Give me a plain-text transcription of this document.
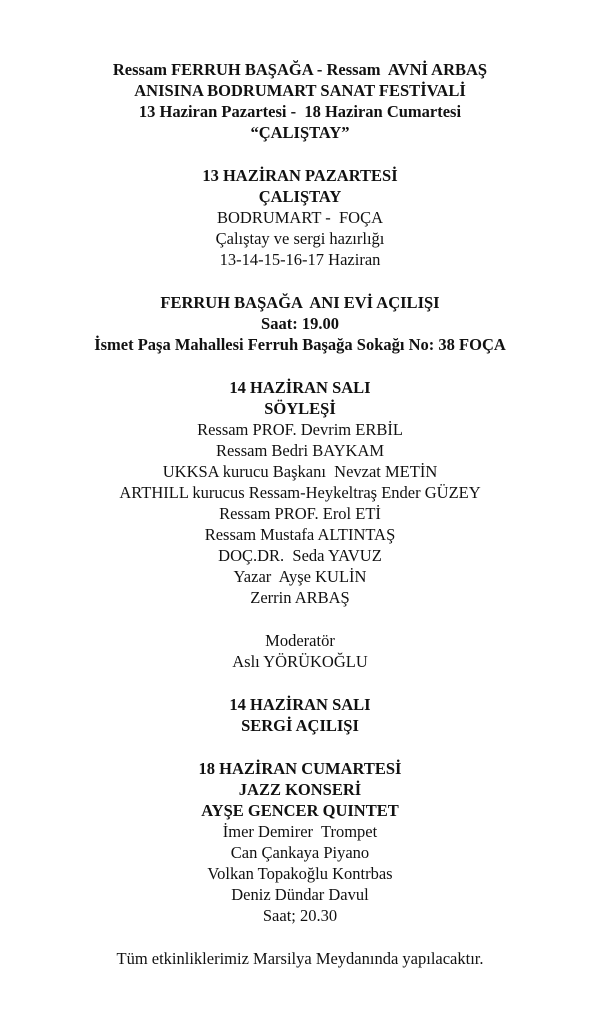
Ressam FERRUH BAŞAĞA - Ressam  AVNİ ARBAŞ
ANISINA BODRUMART SANAT FESTİVALİ
13 Haziran Pazartesi -  18 Haziran Cumartesi
“ÇALIŞTAY”
13 HAZİRAN PAZARTESİ
ÇALIŞTAY
BODRUMART -  FOÇA
Çalıştay ve sergi hazırlığı
13-14-15-16-17 Haziran
FERRUH BAŞAĞA  ANI EVİ AÇILIŞI
Saat: 19.00
İsmet Paşa Mahallesi Ferruh Başağa Sokağı No: 38 FOÇA
14 HAZİRAN SALI
SÖYLEŞİ
Ressam PROF. Devrim ERBİL
Ressam Bedri BAYKAM
UKKSA kurucu Başkanı  Nevzat METİN
ARTHILL kurucus Ressam-Heykeltraş Ender GÜZEY
Ressam PROF. Erol ETİ
Ressam Mustafa ALTINTAŞ
DOÇ.DR.  Seda YAVUZ
Yazar  Ayşe KULİN
Zerrin ARBAŞ
Moderatör
Aslı YÖRÜKOĞLU
14 HAZİRAN SALI
SERGİ AÇILIŞI
18 HAZİRAN CUMARTESİ
JAZZ KONSERİ
AYŞE GENCER QUINTET
İmer Demirer  Trompet
Can Çankaya Piyano
Volkan Topakoğlu Kontrbas
Deniz Dündar Davul
Saat; 20.30
Tüm etkinliklerimiz Marsilya Meydanında yapılacaktır.
